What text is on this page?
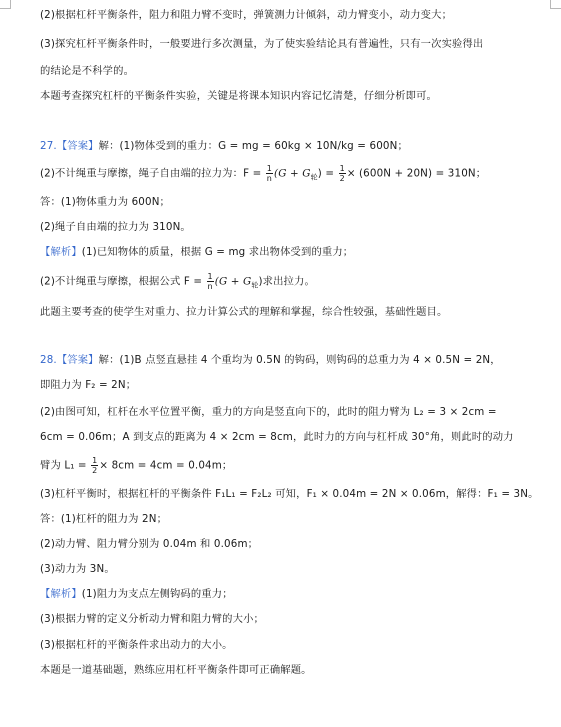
(2)根据杠杆平衡条件，阻力和阻力臂不变时，弹簧测力计倾斜，动力臂变小，动力变大；
(3)探究杠杆平衡条件时，一般要进行多次测量，为了使实验结论具有普遍性，只有一次实验得出
的结论是不科学的。
本题考查探究杠杆的平衡条件实验，关键是将课本知识内容记忆清楚，仔细分析即可。
27.【答案】解：(1)物体受到的重力：G = mg = 60kg × 10N/kg = 600N；
(2)不计绳重与摩擦，绳子自由端的拉力为：$F = \frac{1}{n} (G + G_轮) = \frac{1}{2} \times (600N + 20N) = 310N$；
答：(1)物体重力为 600N；
(2)绳子自由端的拉力为 310N。
【解析】(1)已知物体的质量，根据 G = mg 求出物体受到的重力；
(2)不计绳重与摩擦，根据公式 $F = \frac{1}{n} (G + G_轮)$求出拉力。
此题主要考查的使学生对重力、拉力计算公式的理解和掌握，综合性较强，基础性题目。
28.【答案】解：(1)B 点竖直悬挂 4 个重均为 0.5N 的钩码，则钩码的总重力为 4 × 0.5N = 2N，
即阻力为 F₂ = 2N；
(2)由图可知，杠杆在水平位置平衡，重力的方向是竖直向下的，此时的阻力臂为 L₂ = 3 × 2cm =
6cm = 0.06m；A 到支点的距离为 4 × 2cm = 8cm，此时力的方向与杠杆成 30°角，则此时的动力
臂为 $L_1 = \frac{1}{2} \times 8cm = 4cm = 0.04m$；
(3)杠杆平衡时，根据杠杆的平衡条件 F₁L₁ = F₂L₂ 可知，F₁ × 0.04m = 2N × 0.06m，解得：F₁ = 3N。
答：(1)杠杆的阻力为 2N；
(2)动力臂、阻力臂分别为 0.04m 和 0.06m；
(3)动力为 3N。
【解析】(1)阻力为支点左侧钩码的重力；
(3)根据力臂的定义分析动力臂和阻力臂的大小；
(3)根据杠杆的平衡条件求出动力的大小。
本题是一道基础题，熟练应用杠杆平衡条件即可正确解题。
